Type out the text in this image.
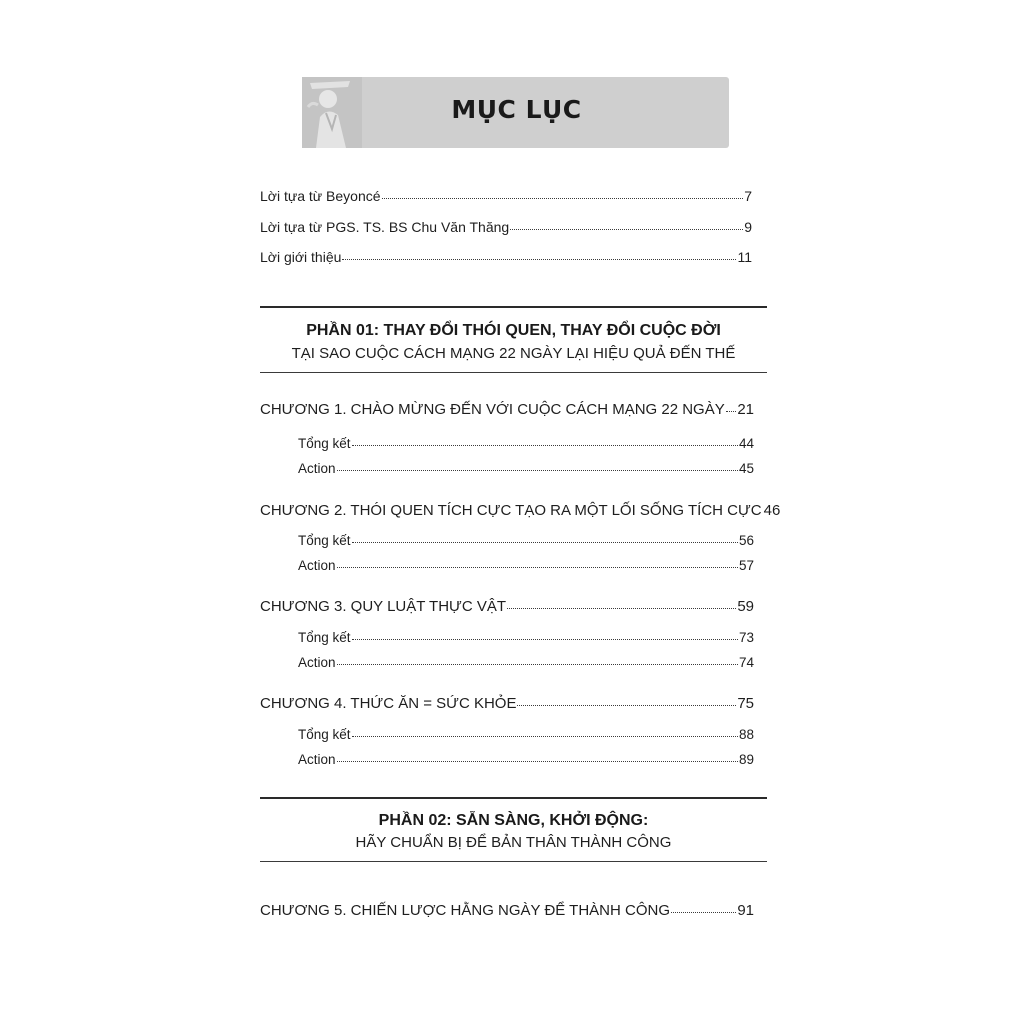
MỤC LỤC
Lời tựa từ Beyoncé	7
Lời tựa từ PGS. TS. BS Chu Văn Thăng	9
Lời giới thiệu	11
PHẦN 01: THAY ĐỔI THÓI QUEN, THAY ĐỔI CUỘC ĐỜI
TẠI SAO CUỘC CÁCH MẠNG 22 NGÀY LẠI HIỆU QUẢ ĐẾN THẾ
CHƯƠNG 1. CHÀO MỪNG ĐẾN VỚI CUỘC CÁCH MẠNG 22 NGÀY 21
Tổng kết	44
Action	45
CHƯƠNG 2. THÓI QUEN TÍCH CỰC TẠO RA MỘT LỐI SỐNG TÍCH CỰC 46
Tổng kết	56
Action	57
CHƯƠNG 3. QUY LUẬT THỰC VẬT	59
Tổng kết	73
Action	74
CHƯƠNG 4. THỨC ĂN = SỨC KHỎE	75
Tổng kết	88
Action	89
PHẦN 02: SẴN SÀNG, KHỞI ĐỘNG:
HÃY CHUẨN BỊ ĐỂ BẢN THÂN THÀNH CÔNG
CHƯƠNG 5. CHIẾN LƯỢC HẰNG NGÀY ĐỂ THÀNH CÔNG	91
